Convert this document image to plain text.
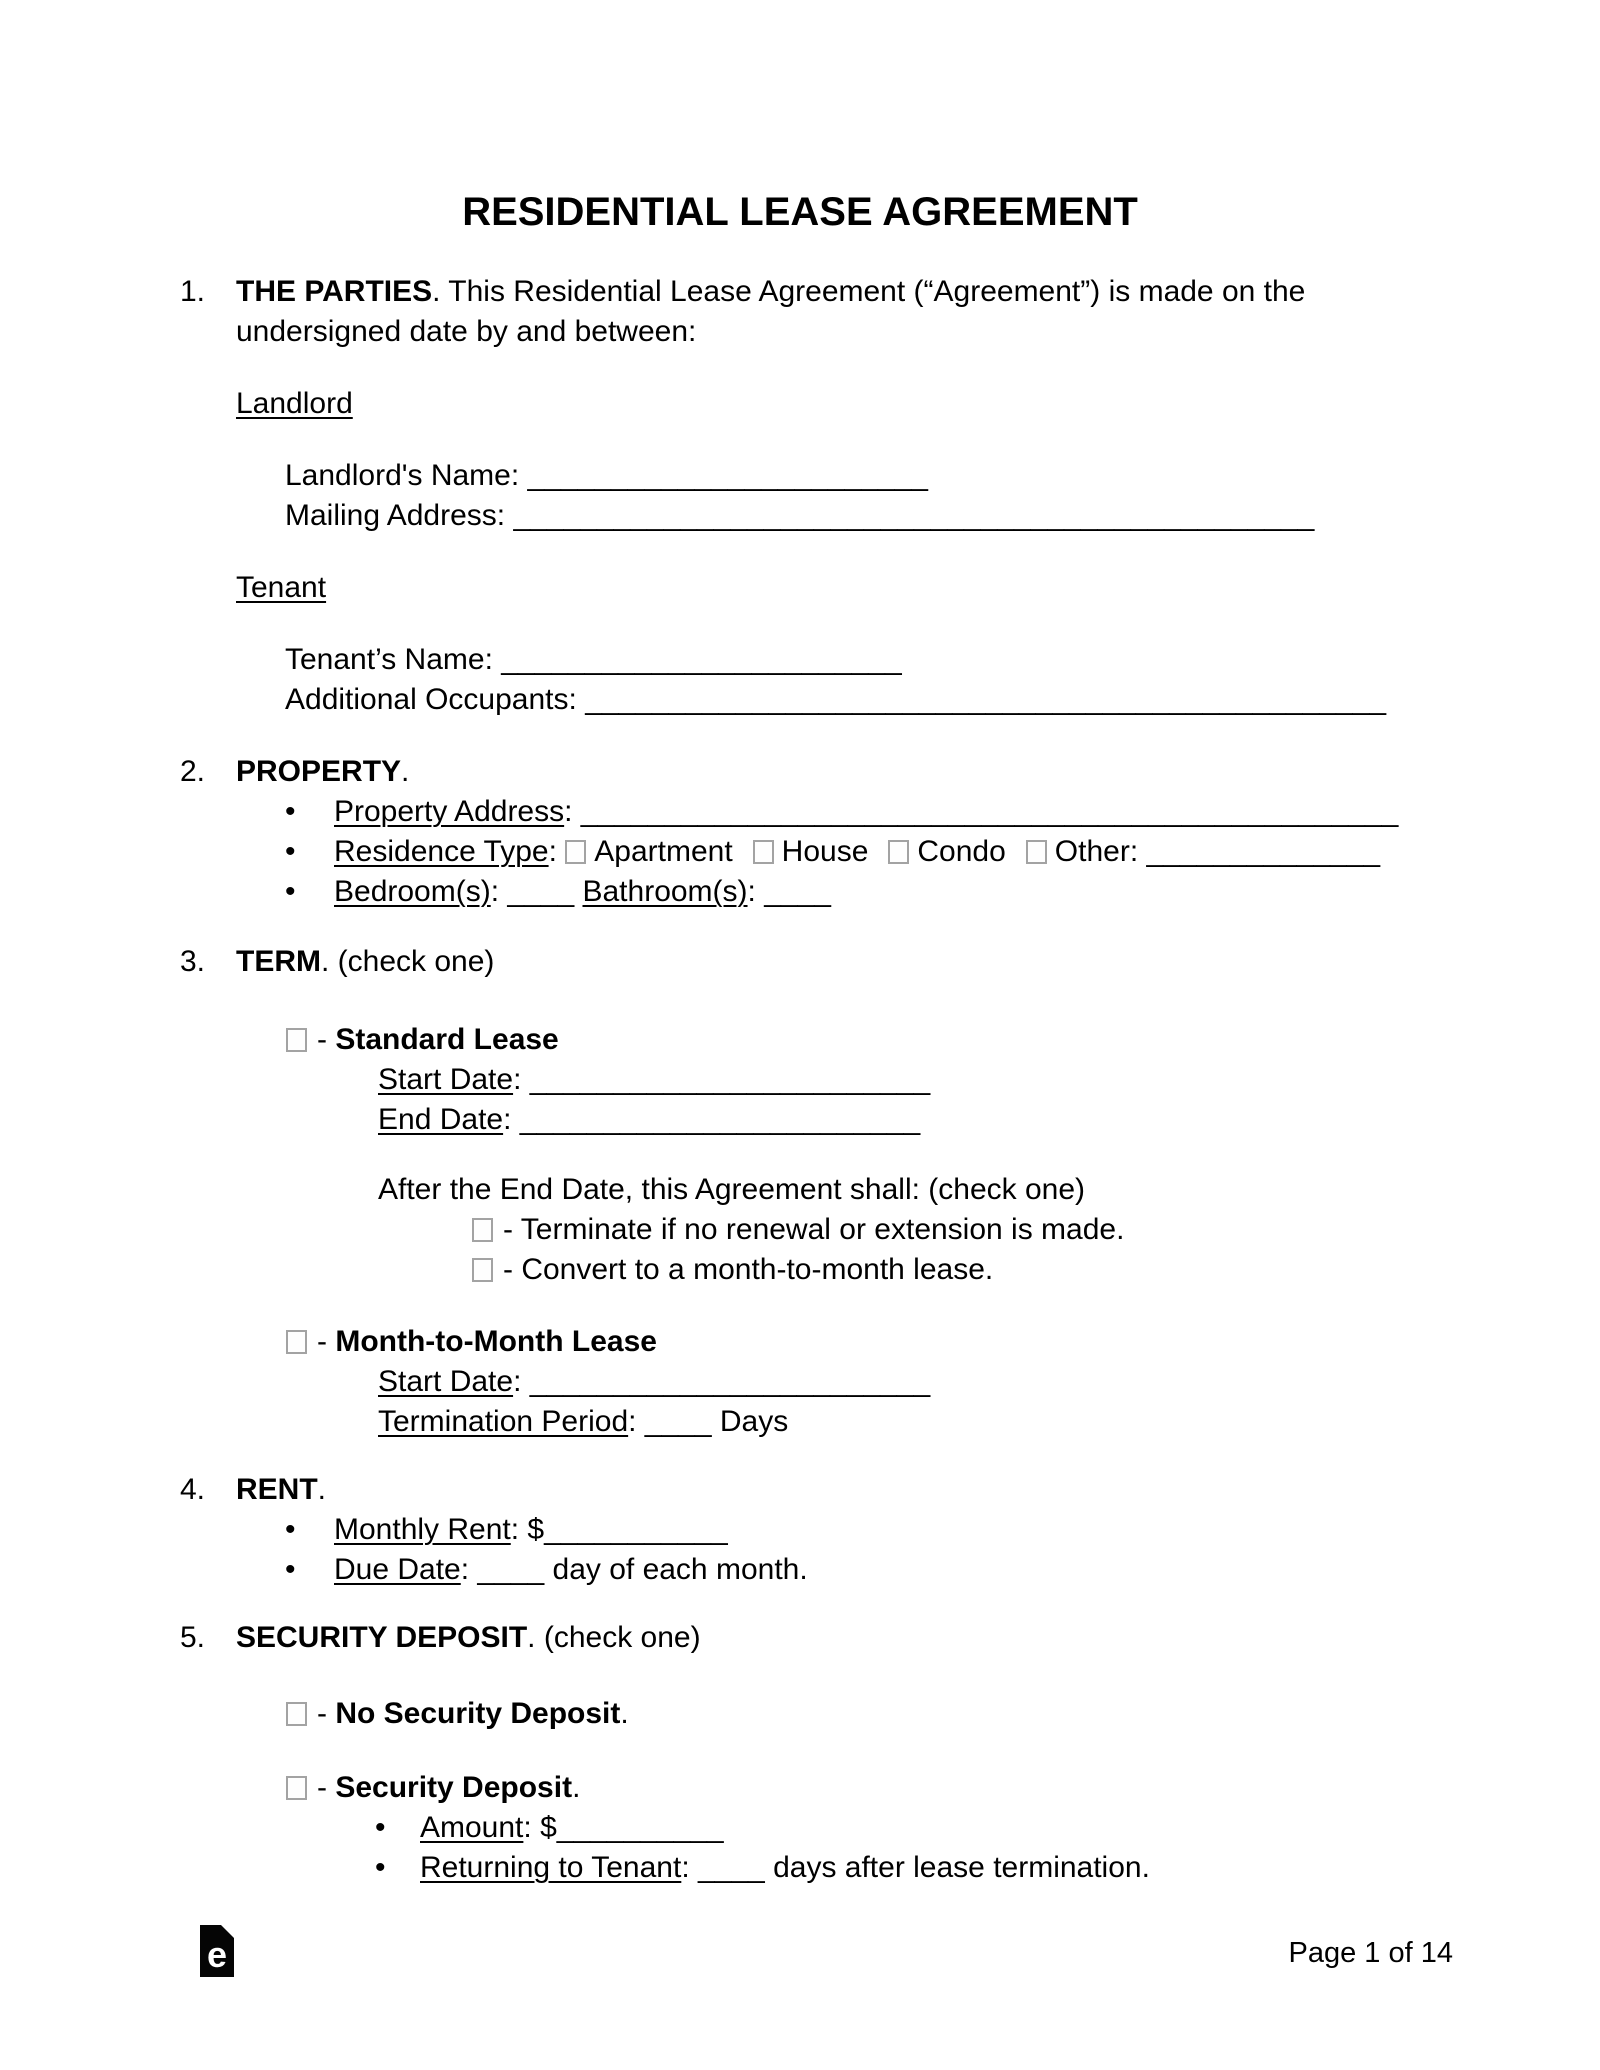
RESIDENTIAL LEASE AGREEMENT
1. THE PARTIES. This Residential Lease Agreement (“Agreement”) is made on the
undersigned date by and between:
Landlord
Landlord's Name: ________________________
Mailing Address: ________________________________________________
Tenant
Tenant’s Name: ________________________
Additional Occupants: ________________________________________________
2. PROPERTY.
• Property Address: _________________________________________________
• Residence Type: Apartment House Condo Other: ______________
• Bedroom(s): ____ Bathroom(s): ____
3. TERM. (check one)
- Standard Lease
Start Date: ________________________
End Date: ________________________
After the End Date, this Agreement shall: (check one)
- Terminate if no renewal or extension is made.
- Convert to a month-to-month lease.
- Month-to-Month Lease
Start Date: ________________________
Termination Period: ____ Days
4. RENT.
• Monthly Rent: $___________
• Due Date: ____ day of each month.
5. SECURITY DEPOSIT. (check one)
- No Security Deposit.
- Security Deposit.
• Amount: $__________
• Returning to Tenant: ____ days after lease termination.
e	Page 1 of 14
